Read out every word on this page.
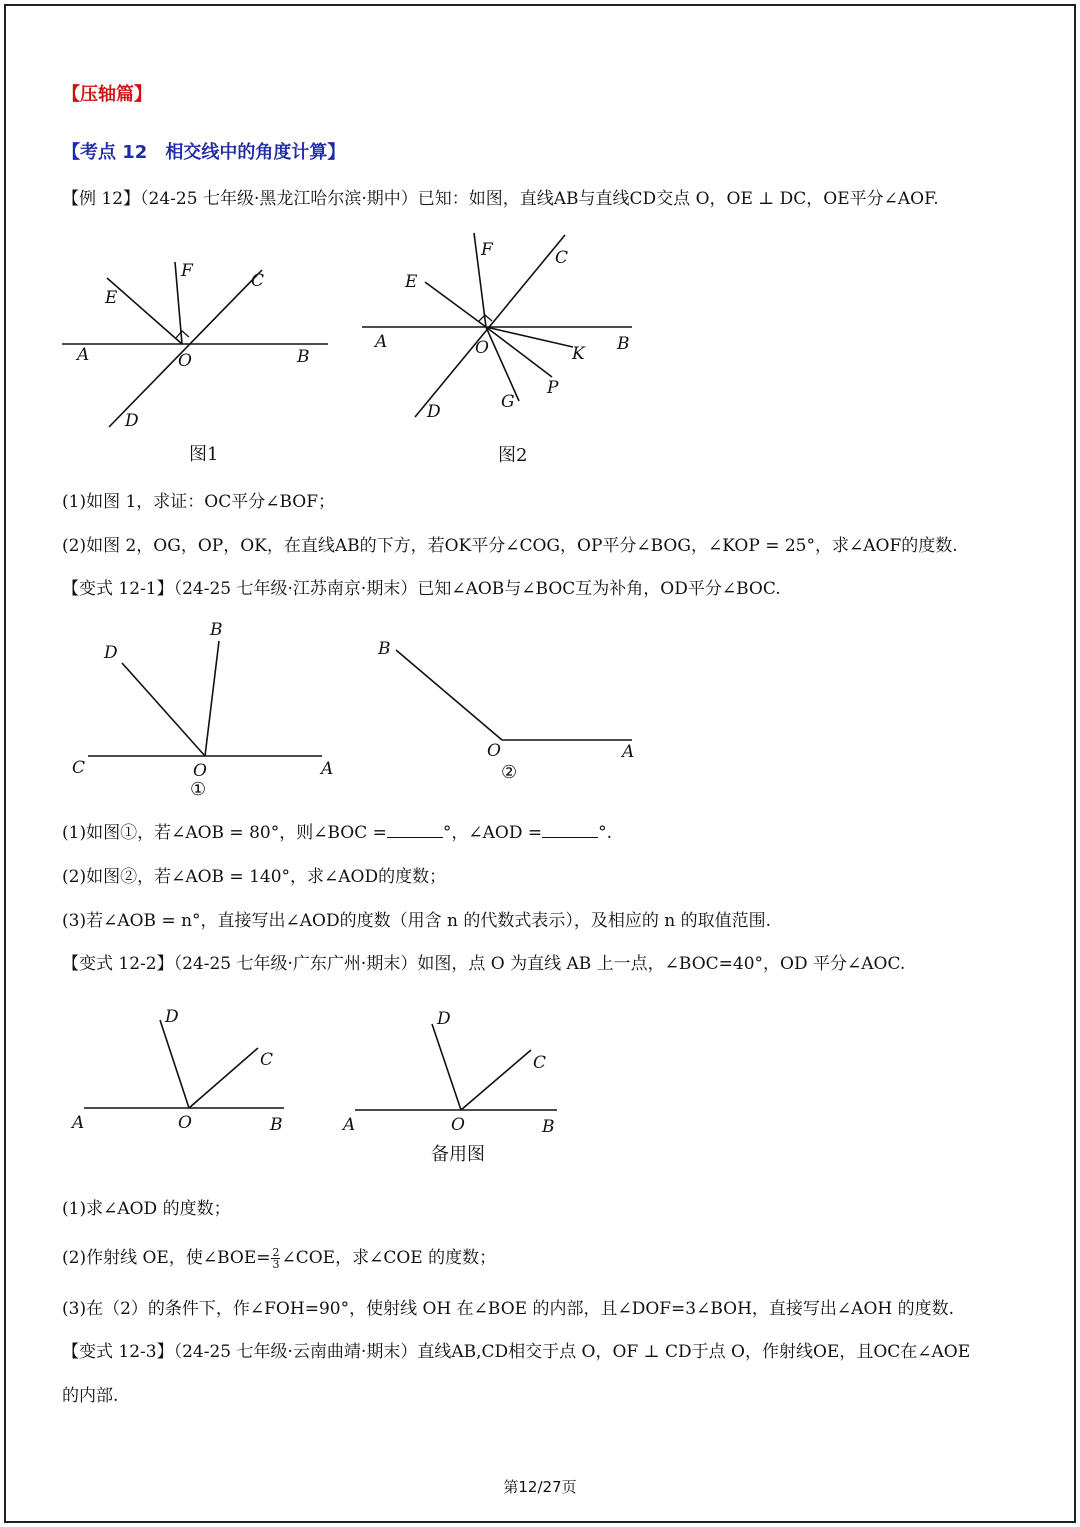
【压轴篇】
【考点 12　相交线中的角度计算】
【例 12】（24-25 七年级·黑龙江哈尔滨·期中）已知：如图，直线AB与直线CD交点 O，OE ⊥ DC，OE平分∠AOF.
A	B
C
D
E
F
O
图1
A	B
C
D
E
F
G
K
O
P
图2
(1)如图 1，求证：OC平分∠BOF；
(2)如图 2，OG，OP，OK，在直线AB的下方，若OK平分∠COG，OP平分∠BOG，∠KOP = 25°，求∠AOF的度数.
【变式 12-1】（24-25 七年级·江苏南京·期末）已知∠AOB与∠BOC互为补角，OD平分∠BOC.
D
B
C	O	A
①
B
O	A
②
(1)如图①，若∠AOB = 80°，则∠BOC =	°，∠AOD =	°.
(2)如图②，若∠AOB = 140°，求∠AOD的度数；
(3)若∠AOB = n°，直接写出∠AOD的度数（用含 n 的代数式表示），及相应的 n 的取值范围.
【变式 12-2】（24-25 七年级·广东广州·期末）如图，点 O 为直线 AB 上一点，∠BOC=40°，OD 平分∠AOC.
D
C
A	O	B
D
C
A	O	B
备用图
(1)求∠AOD 的度数；
(2)作射线 OE，使∠BOE= $\frac{2}{3}$ ∠COE，求∠COE 的度数；
(3)在（2）的条件下，作∠FOH=90°，使射线 OH 在∠BOE 的内部，且∠DOF=3∠BOH，直接写出∠AOH 的度数.
【变式 12-3】（24-25 七年级·云南曲靖·期末）直线AB,CD相交于点 O，OF ⊥ CD于点 O，作射线OE，且OC在∠AOE
的内部.
第12/27页
